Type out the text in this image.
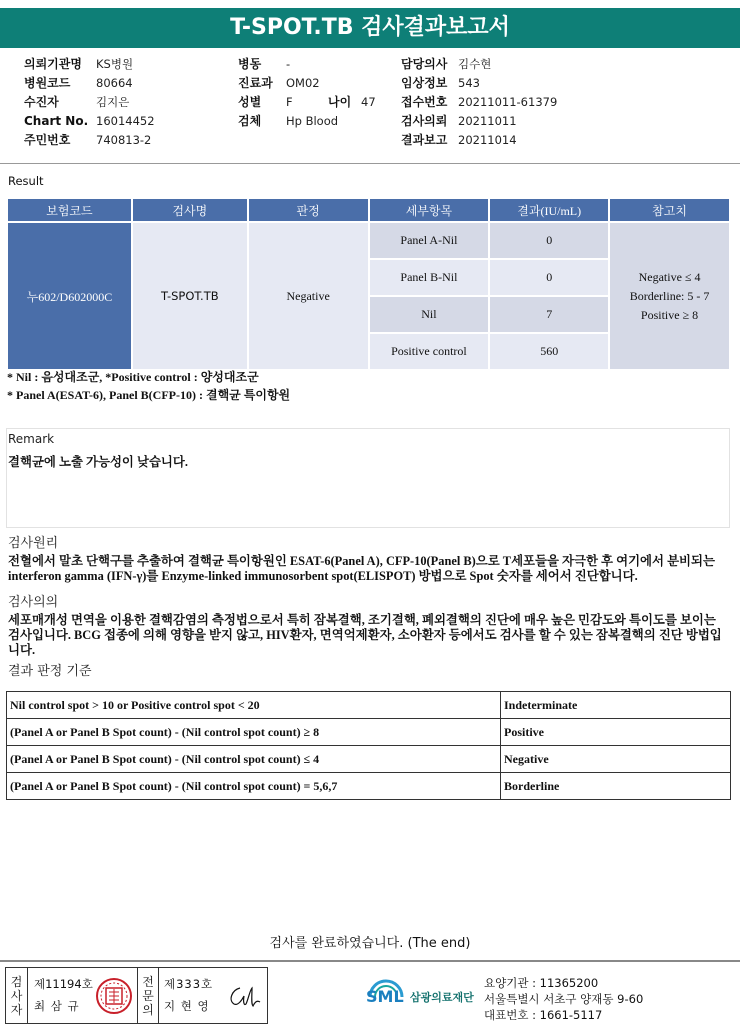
T-SPOT.TB 검사결과보고서
의뢰기관명	KS병원
병원코드	80664
수진자	김지은
Chart No. 16014452
주민번호	740813-2
병동	-
진료과	OM02
성별	F	나이 47
검체	Hp Blood
담당의사 김수현
임상정보 543
접수번호 20211011-61379
검사의뢰 20211011
결과보고 20211014
Result
보험코드	검사명	판정	세부항목	결과(IU/mL)	참고치
누602/D602000C	T-SPOT.TB	Negative	Panel A-Nil	0	Negative ≤ 4
Borderline: 5 - 7
Positive ≥ 8

			Panel B-Nil	0	
			Nil	7	
			Positive control	560	
* Nil : 음성대조군, *Positive control : 양성대조군
* Panel A(ESAT-6), Panel B(CFP-10) : 결핵균 특이항원
Remark
결핵균에 노출 가능성이 낮습니다.
검사원리
전혈에서 말초 단핵구를 추출하여 결핵균 특이항원인 ESAT-6(Panel A), CFP-10(Panel B)으로 T세포들을 자극한 후 여기에서 분비되는 interferon gamma (IFN-γ)를 Enzyme-linked immunosorbent spot(ELISPOT) 방법으로 Spot 숫자를 세어서 진단합니다.
검사의의
세포매개성 면역을 이용한 결핵감염의 측정법으로서 특히 잠복결핵, 조기결핵, 폐외결핵의 진단에 매우 높은 민감도와 특이도를 보이는 검사입니다. BCG 접종에 의해 영향을 받지 않고, HIV환자, 면역억제환자, 소아환자 등에서도 검사를 할 수 있는 잠복결핵의 진단 방법입니다.
결과 판정 기준
Nil control spot > 10 or Positive control spot < 20	Indeterminate
(Panel A or Panel B Spot count) - (Nil control spot count) ≥ 8	Positive
(Panel A or Panel B Spot count) - (Nil control spot count) ≤ 4	Negative
(Panel A or Panel B Spot count) - (Nil control spot count) = 5,6,7	Borderline
검사를 완료하였습니다. (The end)
검
사
자
제11194호
최 삼 규
전
문
의
제333호
지 현 영	SML 삼광의료재단
요양기관 : 11365200
서울특별시 서초구 양재동 9-60
대표번호 : 1661-5117
